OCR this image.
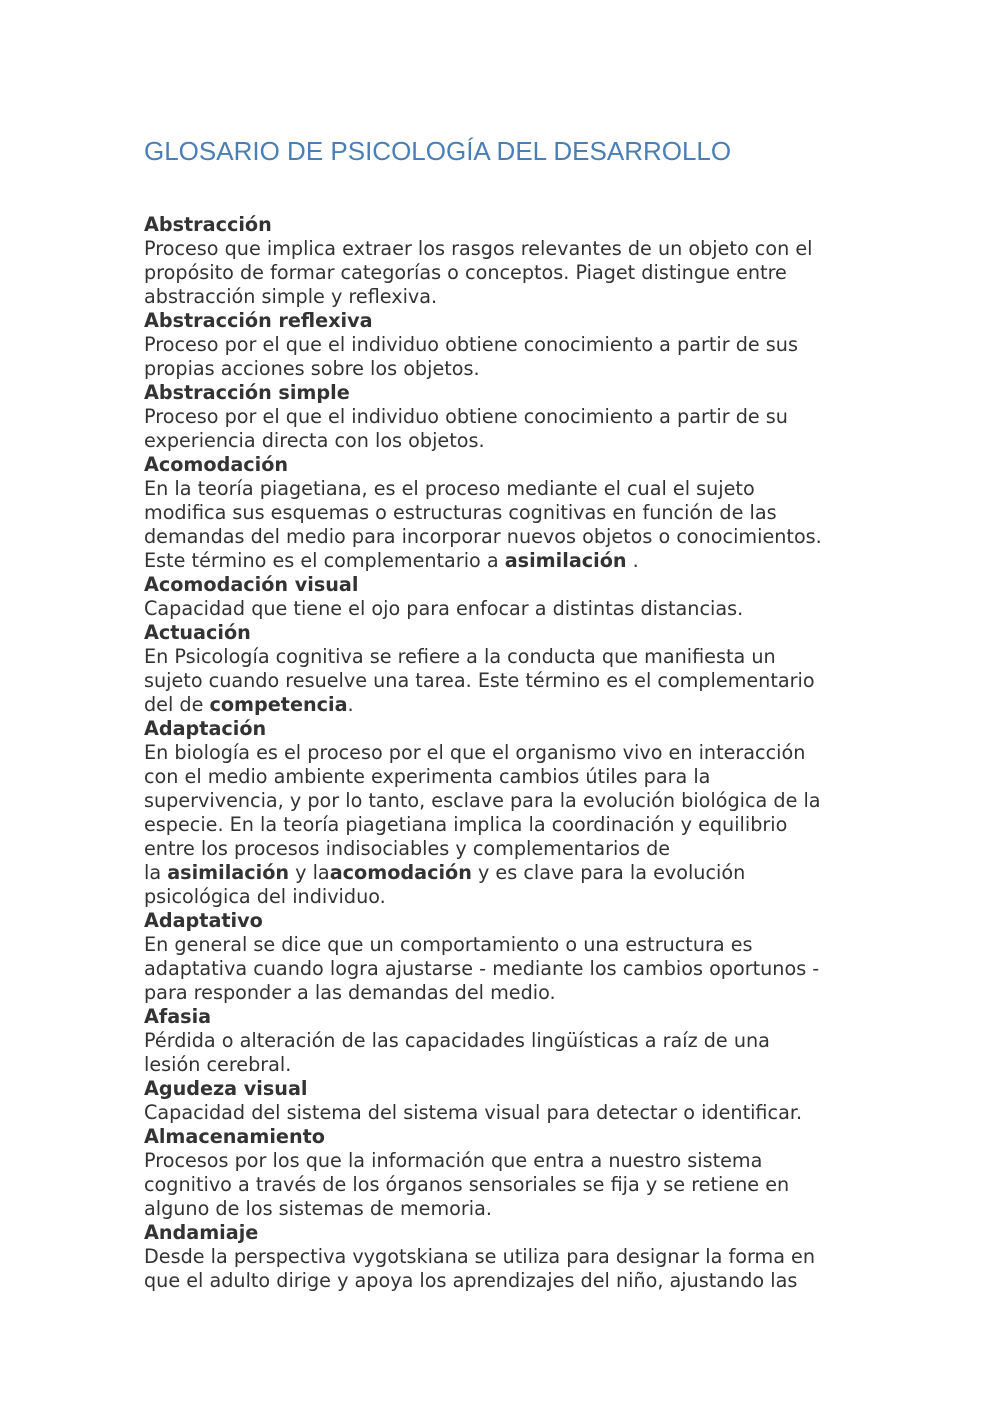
GLOSARIO DE PSICOLOGÍA DEL DESARROLLO
Abstracción
Proceso que implica extraer los rasgos relevantes de un objeto con el
propósito de formar categorías o conceptos. Piaget distingue entre
abstracción simple y reflexiva.
Abstracción reflexiva
Proceso por el que el individuo obtiene conocimiento a partir de sus
propias acciones sobre los objetos.
Abstracción simple
Proceso por el que el individuo obtiene conocimiento a partir de su
experiencia directa con los objetos.
Acomodación
En la teoría piagetiana, es el proceso mediante el cual el sujeto
modifica sus esquemas o estructuras cognitivas en función de las
demandas del medio para incorporar nuevos objetos o conocimientos.
Este término es el complementario a asimilación .
Acomodación visual
Capacidad que tiene el ojo para enfocar a distintas distancias.
Actuación
En Psicología cognitiva se refiere a la conducta que manifiesta un
sujeto cuando resuelve una tarea. Este término es el complementario
del de competencia.
Adaptación
En biología es el proceso por el que el organismo vivo en interacción
con el medio ambiente experimenta cambios útiles para la
supervivencia, y por lo tanto, esclave para la evolución biológica de la
especie. En la teoría piagetiana implica la coordinación y equilibrio
entre los procesos indisociables y complementarios de
la asimilación y laacomodación y es clave para la evolución
psicológica del individuo.
Adaptativo
En general se dice que un comportamiento o una estructura es
adaptativa cuando logra ajustarse - mediante los cambios oportunos -
para responder a las demandas del medio.
Afasia
Pérdida o alteración de las capacidades lingüísticas a raíz de una
lesión cerebral.
Agudeza visual
Capacidad del sistema del sistema visual para detectar o identificar.
Almacenamiento
Procesos por los que la información que entra a nuestro sistema
cognitivo a través de los órganos sensoriales se fija y se retiene en
alguno de los sistemas de memoria.
Andamiaje
Desde la perspectiva vygotskiana se utiliza para designar la forma en
que el adulto dirige y apoya los aprendizajes del niño, ajustando las
